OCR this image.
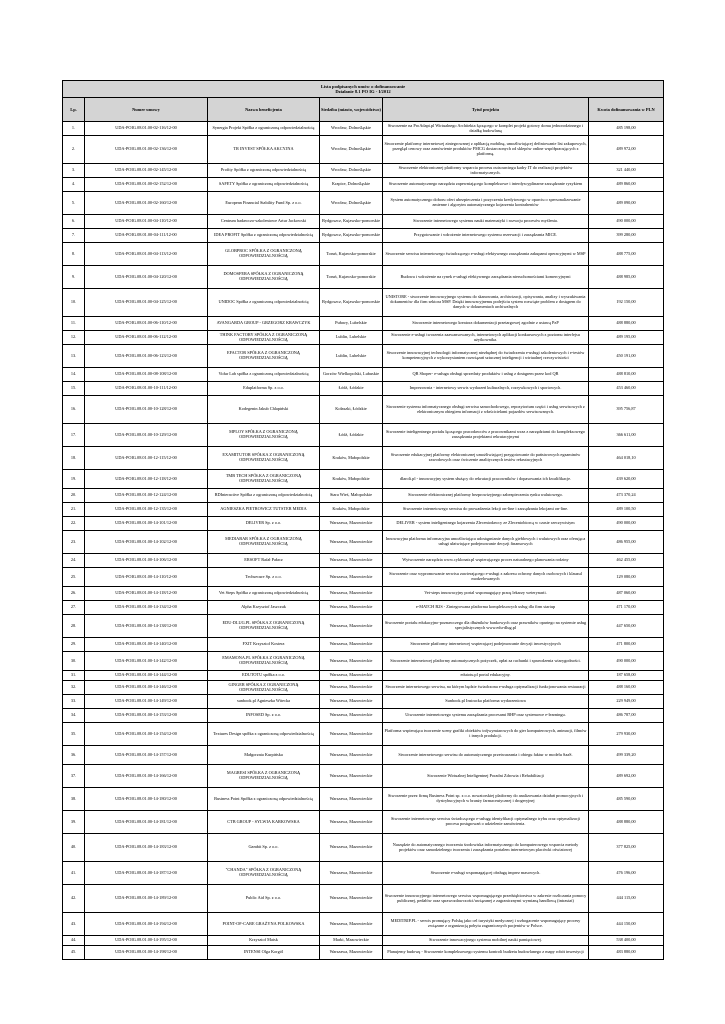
Lista podpisanych umów o dofinansowanie
Działanie 8.1 PO IG - I/2012					

Lp.	Numer umowy	Nazwa beneficjenta	Siedziba (miasto, województwo)	Tytuł projektu	Kwota dofinansowania w PLN
1.	UDA-POIG.08.01.00-02-116/12-00	Synergia Projekt Spółka z ograniczoną odpowiedzialnością	Wrocław, Dolnośląskie	Stworzenie na ProAdapt.pl Wirtualnego Architekta łączącego w komplet projekt gotowy domu jednorodzinnego i działkę budowlaną	485 198,00
2.	UDA-POIG.08.01.00-02-136/12-00	TR INVEST SPÓŁKA AKCYJNA	Wrocław, Dolnośląskie	Stworzenie platformy internetowej zintegrowanej z aplikacją mobilną, umożliwiającej definiowanie list zakupowych, przegląd cenowy oraz zamówienie produktów FMCG dostarczonych od sklepów online współpracujących z platformą.	489 972,00
3.	UDA-POIG.08.01.00-02-145/12-00	Profity Spółka z ograniczoną odpowiedzialnością	Wrocław, Dolnośląskie	Stworzenie elektronicznej platformy wsparcia procesu outsourcingu kadry IT do realizacji projektów informatycznych.	321 440,00
4.	UDA-POIG.08.01.00-02-152/12-00	SAFETY Spółka z ograniczoną odpowiedzialnością	Krapice, Dolnośląskie	Stworzenie automatycznego narzędzia zapewniającego kompleksowe i interdyscyplinarne zarządzanie ryzykiem	489 860,00
5.	UDA-POIG.08.01.00-02-160/12-00	European Financial Stability Fund Sp. z o.o.	Wrocław, Dolnośląskie	System automatycznego doboru ofert ubezpieczenia i pozyczenia kredytowego w oparciu o spersonalizowanie zmienne i algorytm automatycznego kojarzenia kontrahentów	489 090,00
6.	UDA-POIG.08.01.00-04-110/12-00	Centrum badawczo-szkoleniowe Artur Jackowski	Bydgoszcz, Kujawsko-pomorskie	Stworzenie internetowego systemu nauki matematyki i rozwoju procesów myślenia.	490 000,00
7.	UDA-POIG.08.01.00-04-111/12-00	IDEA PROFIT Spółka z ograniczoną odpowiedzialnością	Bydgoszcz, Kujawsko-pomorskie	Przygotowanie i wdrożenie internetowego systemu rezerwacji i zarządzania MICE.	399 280,00
8.	UDA-POIG.08.01.00-04-113/12-00	GLOBPROC SPÓŁKA Z OGRANICZONĄ ODPOWIEDZIALNOŚCIĄ	Toruń, Kujawsko-pomorskie	Stworzenie serwisu internetowego świadczącego e-usługi efektywnego zarządzania zakupami operacyjnymi w MSP	488 775,00
9.	UDA-POIG.08.01.00-04-120/12-00	DOMOSFERA SPÓŁKA Z OGRANICZONĄ ODPOWIEDZIALNOŚCIĄ	Toruń, Kujawsko-pomorskie	Budowa i wdrożenie na rynek e-usługi efektywnego zarządzania nieruchomościami komercyjnymi	488 985,00
10.	UDA-POIG.08.01.00-04-125/12-00	UNIDOC Spółka z ograniczoną odpowiedzialnością	Bydgoszcz, Kujawsko-pomorskie	UNISTORE - stworzenie innowacyjnego systemu do skanowania, archiwizacji, opisywania, analizy i wyszukiwania dokumentów dla firm sektora MSP. Dzięki innowacyjnemu podejściu system rozwiąże problem z dostępem do danych w dokumentach archiwalnych	192 150,00
11.	UDA-POIG.08.01.00-06-110/12-00	AVANGARDA GROUP - GRZEGORZ KRAWCZYK	Puławy, Lubelskie	Stworzenie internetowego kreatora dokumentacji przetargowej zgodnie z ustawą PzP	488 880,00
12.	UDA-POIG.08.01.00-06-112/12-00	THINK FACTORY SPÓŁKA Z OGRANICZONĄ ODPOWIEDZIALNOŚCIĄ	Lublin, Lubelskie	Stworzenie e-usługi tworzenia zaawansowanych, internetowych aplikacji konkursowych z poziomu interfejsu użytkownika.	489 195,00
13.	UDA-POIG.08.01.00-06-123/12-00	EFACTOR SPÓŁKA Z OGRANICZONĄ ODPOWIEDZIALNOŚCIĄ	Lublin, Lubelskie	Stworzenie innowacyjnej technologii informatycznej niezbędnej do świadczenia e-usługi szkoleniowych i e-testów kompetencyjnych z wykorzystaniem rozwiązań sztucznej inteligencji i wirtualnej rzeczywistości	450 191,00
14.	UDA-POIG.08.01.00-08-108/12-00	Vidur Lab spółka z ograniczoną odpowiedzialnością	Gorzów Wielkopolski, Lubuskie	QR Shoper- e-usługa obsługi sprzedaży produktów i usług z dostępem przez kod QR	488 810,00
15.	UDA-POIG.08.01.00-10-111/12-00	Eduplatforma Sp. z o.o.	Łódź, Łódzkie	Imprezownia - internetowy serwis wydarzeń kulturalnych, rozrywkowych i sportowych.	453 460,00
16.	UDA-POIG.08.01.00-10-128/12-00	Kodegenin Jakub Chlapiński	Kołaszki, Łódzkie	Stworzenie systemu informatycznego obsługi serwisu samochodowego, repozytorium części i usług serwisowych z elektronicznym obiegiem informacji z właścicielami pojazdów serwisowanych.	395 756,87
17.	UDA-POIG.08.01.00-10-129/12-00	MPLOY SPÓŁKA Z OGRANICZONĄ ODPOWIEDZIALNOŚCIĄ	Łódź, Łódzkie	Stworzenie inteligentnego portalu łączącego pracodawców z pracownikami wraz z narzędziami do kompleksowego zarządzania projektami rekrutacyjnymi	366 611,00
18.	UDA-POIG.08.01.00-12-115/12-00	EXAMITUTOR SPÓŁKA Z OGRANICZONĄ ODPOWIEDZIALNOŚCIĄ	Kraków, Małopolskie	Stworzenie edukacyjnej platformy elektronicznej umożliwiającej przygotowanie do państwowych egzaminów zawodowych oraz ćwiczenie analitycznych testów rekrutacyjnych	464 018,10
19.	UDA-POIG.08.01.00-12-118/12-00	TMB TECH SPÓŁKA Z OGRANICZONĄ ODPOWIEDZIALNOŚCIĄ	Kraków, Małopolskie	dlaroli.pl - innowacyjny system służący do rekrutacji pracowników i dopasowania ich kwalifikacje.	439 620,00
20.	UDA-POIG.08.01.00-12-124/12-00	RDInteractive Spółka z ograniczoną odpowiedzialnością	Stara Wieś, Małopolskie	Stworzenie elektronicznej platformy bezprowizyjnego zabezpieczenia rynku walutowego.	473 370,24
21.	UDA-POIG.08.01.00-12-135/12-00	AGNIESZKA PIETROWICZ TUTSTER MEDIA	Kraków, Małopolskie	Stworzenie internetowego serwisu do prowadzenia lekcji on-line i zarządzania lekcjami on-line.	489 100,50
22.	UDA-POIG.08.01.00-14-101/12-00	DELIVER Sp. z o.o.	Warszawa, Mazowieckie	DELIVER - system inteligentnego kojarzenia Zleceniodawcy ze Zleceniobiorcą w czasie rzeczywistym	490 000,00
23.	UDA-POIG.08.01.00-14-102/12-00	MEDIABAR SPÓŁKA Z OGRANICZONĄ ODPOWIEDZIALNOŚCIĄ	Warszawa, Mazowieckie	Innowacyjna platforma informacyjna umożliwiająca udostępnianie danych giełdowych i walutowych oraz oferująca usługi ułatwiające podejmowanie decyzji finansowych	486 955,00
24.	UDA-POIG.08.01.00-14-106/12-00	ERSOFT Rafał Pałacz	Warszawa, Mazowieckie	Wytworzenie narzędzia www.cyklonatr.pl wspierającego proces naturalnego planowania rodziny	462 455,00
25.	UDA-POIG.08.01.00-14-110/12-00	Techsecure Sp. z o.o.	Warszawa, Mazowieckie	Stworzenie oraz wypromowanie serwisu zawierającego e-usługi z zakresu ochrony danych osobowych i klauzul modzelowanych	129 080,00
26.	UDA-POIG.08.01.00-14-118/12-00	Vet Steps Spółka z ograniczoną odpowiedzialnością	Warszawa, Mazowieckie	Vet-steps innowacyjny portal wspomagający pracę lekarzy weterynarii.	487 060,00
27.	UDA-POIG.08.01.00-14-134/12-00	Alpha Krzysztof Jaszczuk	Warszawa, Mazowieckie	e-MATCH B2S - Zintegrowana platforma kompleksowych usług dla firm startup	471 170,00
28.	UDA-POIG.08.01.00-14-138/12-00	EDU-DLUG.PL SPÓŁKA Z OGRANICZONĄ ODPOWIEDZIALNOŚCIĄ	Warszawa, Mazowieckie	Stworzenie portalu edukacyjno-poznawczego dla dłużników bankowych oraz prawników opartego na systemie usług specjalistycznych www.edu-dlug.pl	447 650,00
29.	UDA-POIG.08.01.00-14-140/12-00	FXIT Krzysztof Kostera	Warszawa, Mazowieckie	Stworzenie platformy internetowej wspierającej podejmowanie decyzji inwestycyjnych	471 800,00
30.	UDA-POIG.08.01.00-14-142/12-00	EMAMONA.PL SPÓŁKA Z OGRANICZONĄ ODPOWIEDZIALNOŚCIĄ	Warszawa, Mazowieckie	Stworzenie internetowej platformy automatycznych pożyczek, opłat za rachunki i sprawdzenia wiarygodności.	490 000,00
31.	UDA-POIG.08.01.00-14-144/12-00	EDUTOTU spółka z o.o.	Warszawa, Mazowieckie	edutotu.pl portal edukacyjny.	187 658,00
32.	UDA-POIG.08.01.00-14-146/12-00	GINGER SPÓŁKA Z OGRANICZONĄ ODPOWIEDZIALNOŚCIĄ	Warszawa, Mazowieckie	Stworzenie internetowego serwisu, na którym będzie świadczona e-usługa optymalizacji funkcjonowania restauracji	488 160,00
33.	UDA-POIG.08.01.00-14-149/12-00	sunbook.pl Agnieszka Witecka	Warszawa, Mazowieckie	Sunbook.pl Instracka platforma wydarzeniowa	229 949,00
34.	UDA-POIG.08.01.00-14-153/12-00	INFOSED Sp. z o.o.	Warszawa, Mazowieckie	Utworzenie internetowego systemu zarządzania procesami BHP oraz systemowe e-learningu.	486 787,00
35.	UDA-POIG.08.01.00-14-154/12-00	Textures Design spółka z ograniczoną odpowiedzialnością	Warszawa, Mazowieckie	Platforma wspierająca tworzenie sceny grafiki obiektów trójwymiarowych do gier komputerowych, animacji, filmów i innych produkcji.	279 930,00
36.	UDA-POIG.08.01.00-14-157/12-00	Małgorzata Kurpińska	Warszawa, Mazowieckie	Stworzenie internetowego serwisu do automatycznego przetwarzania i obiegu faktur w modelu SaaS.	499 339,20
37.	UDA-POIG.08.01.00-14-166/12-00	MAGRESI SPÓŁKA Z OGRANICZONĄ ODPOWIEDZIALNOŚCIĄ	Warszawa, Mazowieckie	Stworzenie Wirtualnej Inteligentnej Poradni Zdrowia i Rehabilitacji	489 692,00
38.	UDA-POIG.08.01.00-14-180/12-00	Business Point Spółka z ograniczoną odpowiedzialnością	Warszawa, Mazowieckie	Stworzenie przez firmę Business Point sp. z o.o. nowatorskiej platformy do analizowania działań promocyjnych i dystrybucyjnych w branży farmaceutycznej i drogeryjnej	485 590,00
39.	UDA-POIG.08.01.00-14-181/12-00	CTB GROUP - SYLWIA KARKOWSKA	Warszawa, Mazowieckie	Stworzenie internetowego serwisu świadczącego e-usługę identyfikacji optymalnego trybu oraz optymalizacji procesu postępowań o udzielenie zamówienia.	488 880,00
40.	UDA-POIG.08.01.00-14-183/12-00	Gambit Sp. z o.o.	Warszawa, Mazowieckie	Narzędzie do automatycznego tworzenia środowiska informatycznego do komputerowego wsparcia metody projektów oraz samodzielnego tworzenia i zarządzania portalem internetowym placówki oświatowej	377 825,00
41.	UDA-POIG.08.01.00-14-187/12-00	"CHANDA" SPÓŁKA Z OGRANICZONĄ ODPOWIEDZIALNOŚCIĄ	Warszawa, Mazowieckie	Stworzenie e-usługi wspomagającej obsługę imprez masowych.	476 196,00
42.	UDA-POIG.08.01.00-14-189/12-00	Public Aid Sp. z o.o.	Warszawa, Mazowieckie	Stworzenie innowacyjnego internetowego serwisu wspomagającego przedsiębiorstwa w zakresie rozliczania pomocy publicznej, pedałów oraz sprawozdawczości/uwiązanej z zagranicznymi wymianą handlową (intrastat)	444 115,00
43.	UDA-POIG.08.01.00-14-194/12-00	POINT-OF-CARE GRAŻYNA POLKOWSKA	Warszawa, Mazowieckie	MEDITRIP.PL - serwis promujący Polskę jako cel turystyki medycznej i wzbogacenie wspomagający procesy związane z organizacją pobytu zagranicznych pacjentów w Polsce.	444 150,00
44.	UDA-POIG.08.01.00-14-195/12-00	Krzysztof Maisk	Marki, Mazowieckie	Stworzenie innowacyjnego systemu mobilnej nauki pamięciowej.	538 400,00
45.	UDA-POIG.08.01.00-14-198/12-00	INTENSI Olga Korgól	Warszawa, Mazowieckie	Planujemy budowę - Stworzenie kompleksowego systemu kontroli budżetu budowlanego z mapy robót inwestycji	483 880,00
